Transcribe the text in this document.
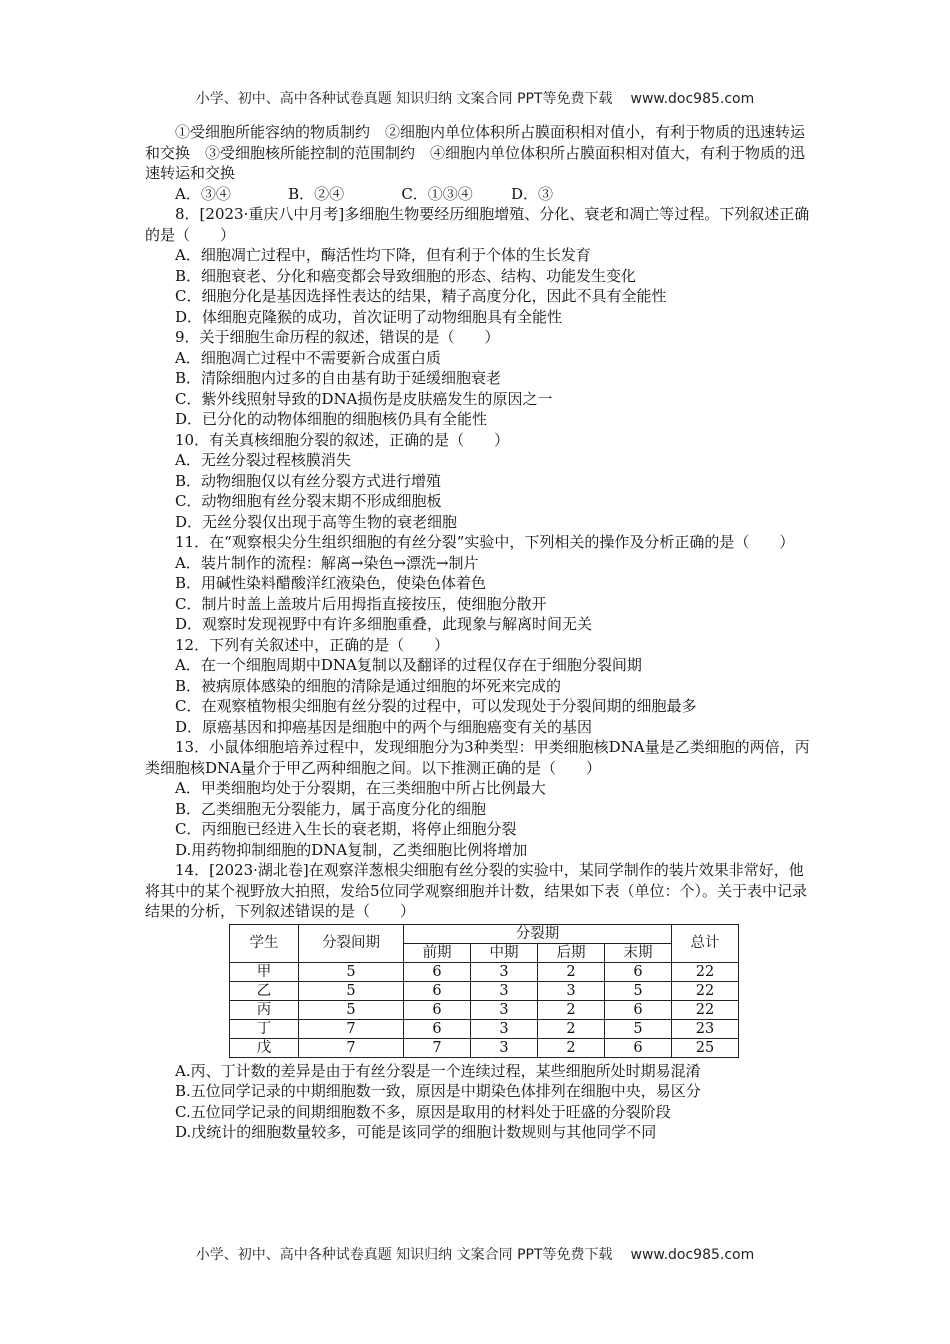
小学、初中、高中各种试卷真题 知识归纳 文案合同 PPT等免费下载 www.doc985.com

①受细胞所能容纳的物质制约　②细胞内单位体积所占膜面积相对值小，有利于物质的迅速转运和交换　③受细胞核所能控制的范围制约　④细胞内单位体积所占膜面积相对值大，有利于物质的迅速转运和交换

A．③④	B．②④	C．①③④	D．③

8．[2023·重庆八中月考]多细胞生物要经历细胞增殖、分化、衰老和凋亡等过程。下列叙述正确的是（　　）

A．细胞凋亡过程中，酶活性均下降，但有利于个体的生长发育

B．细胞衰老、分化和癌变都会导致细胞的形态、结构、功能发生变化

C．细胞分化是基因选择性表达的结果，精子高度分化，因此不具有全能性

D．体细胞克隆猴的成功，首次证明了动物细胞具有全能性

9．关于细胞生命历程的叙述，错误的是（　　）

A．细胞凋亡过程中不需要新合成蛋白质

B．清除细胞内过多的自由基有助于延缓细胞衰老

C．紫外线照射导致的DNA损伤是皮肤癌发生的原因之一

D．已分化的动物体细胞的细胞核仍具有全能性

10．有关真核细胞分裂的叙述，正确的是（　　）

A．无丝分裂过程核膜消失

B．动物细胞仅以有丝分裂方式进行增殖

C．动物细胞有丝分裂末期不形成细胞板

D．无丝分裂仅出现于高等生物的衰老细胞

11．在“观察根尖分生组织细胞的有丝分裂”实验中，下列相关的操作及分析正确的是（　　）

A．装片制作的流程：解离→染色→漂洗→制片

B．用碱性染料醋酸洋红液染色，使染色体着色

C．制片时盖上盖玻片后用拇指直接按压，使细胞分散开

D．观察时发现视野中有许多细胞重叠，此现象与解离时间无关

12．下列有关叙述中，正确的是（　　）

A．在一个细胞周期中DNA复制以及翻译的过程仅存在于细胞分裂间期

B．被病原体感染的细胞的清除是通过细胞的坏死来完成的

C．在观察植物根尖细胞有丝分裂的过程中，可以发现处于分裂间期的细胞最多

D．原癌基因和抑癌基因是细胞中的两个与细胞癌变有关的基因

13．小鼠体细胞培养过程中，发现细胞分为3种类型：甲类细胞核DNA量是乙类细胞的两倍，丙类细胞核DNA量介于甲乙两种细胞之间。以下推测正确的是（　　）

A．甲类细胞均处于分裂期，在三类细胞中所占比例最大

B．乙类细胞无分裂能力，属于高度分化的细胞

C．丙细胞已经进入生长的衰老期，将停止细胞分裂

D.用药物抑制细胞的DNA复制，乙类细胞比例将增加

14．[2023·湖北卷]在观察洋葱根尖细胞有丝分裂的实验中，某同学制作的装片效果非常好，他将其中的某个视野放大拍照，发给5位同学观察细胞并计数，结果如下表（单位：个）。关于表中记录结果的分析，下列叙述错误的是（　　）

学生	分裂间期	分裂期				总计
		前期	中期	后期	末期	
甲	5	6	3	2	6	22
乙	5	6	3	3	5	22
丙	5	6	3	2	6	22
丁	7	6	3	2	5	23
戊	7	7	3	2	6	25

A.丙、丁计数的差异是由于有丝分裂是一个连续过程，某些细胞所处时期易混淆

B.五位同学记录的中期细胞数一致，原因是中期染色体排列在细胞中央，易区分

C.五位同学记录的间期细胞数不多，原因是取用的材料处于旺盛的分裂阶段

D.戊统计的细胞数量较多，可能是该同学的细胞计数规则与其他同学不同

小学、初中、高中各种试卷真题 知识归纳 文案合同 PPT等免费下载 www.doc985.com
